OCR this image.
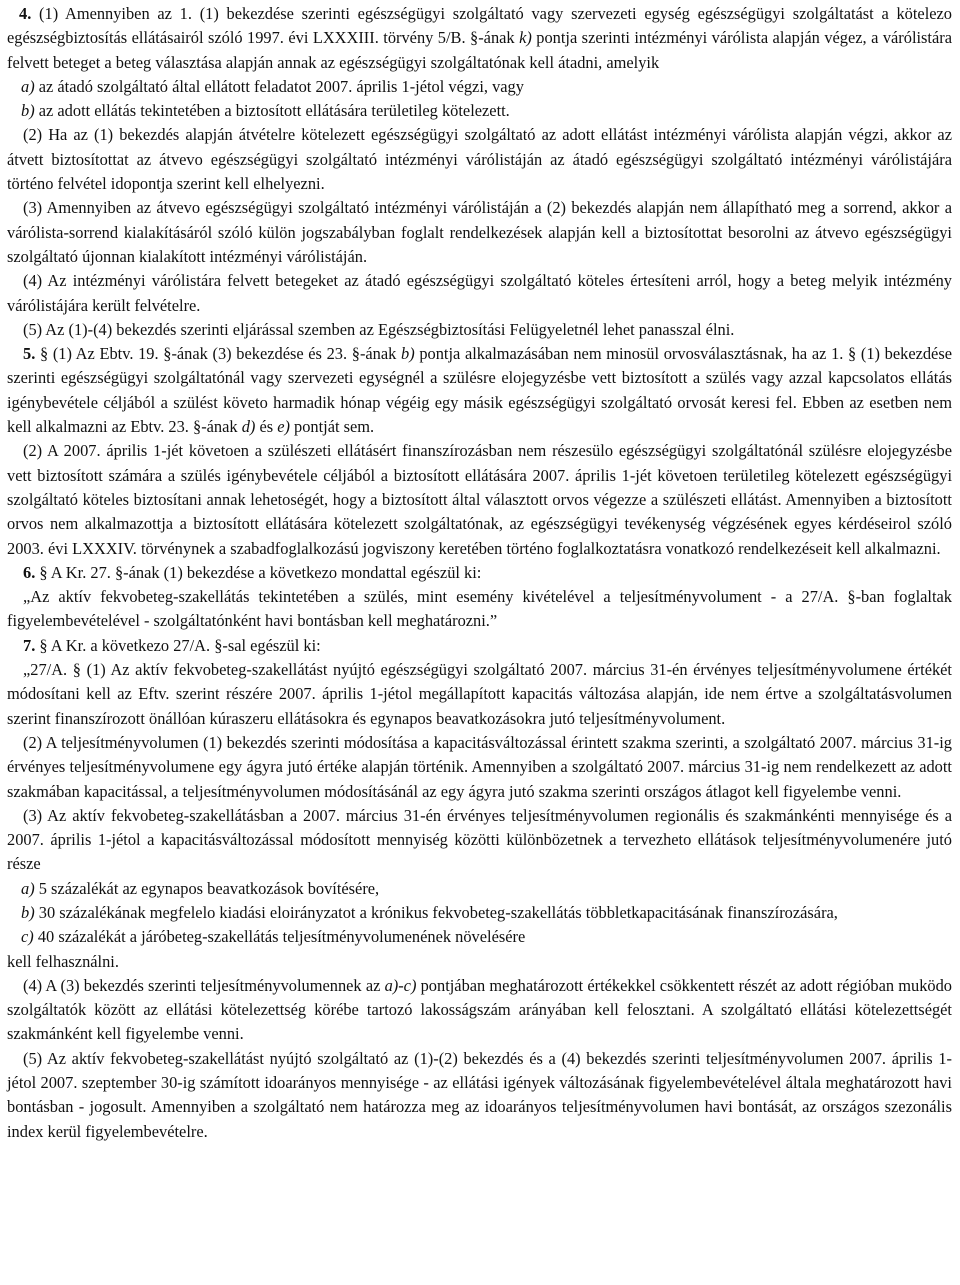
4. (1) Amennyiben az 1. (1) bekezdése szerinti egészségügyi szolgáltató vagy szervezeti egység egészségügyi szolgáltatást a kötelezo egészségbiztosítás ellátásairól szóló 1997. évi LXXXIII. törvény 5/B. §-ának k) pontja szerinti intézményi várólista alapján végez, a várólistára felvett beteget a beteg választása alapján annak az egészségügyi szolgáltatónak kell átadni, amelyik

a) az átadó szolgáltató által ellátott feladatot 2007. április 1-jétol végzi, vagy

b) az adott ellátás tekintetében a biztosított ellátására területileg kötelezett.

(2) Ha az (1) bekezdés alapján átvételre kötelezett egészségügyi szolgáltató az adott ellátást intézményi várólista alapján végzi, akkor az átvett biztosítottat az átvevo egészségügyi szolgáltató intézményi várólistáján az átadó egészségügyi szolgáltató intézményi várólistájára történo felvétel idopontja szerint kell elhelyezni.

(3) Amennyiben az átvevo egészségügyi szolgáltató intézményi várólistáján a (2) bekezdés alapján nem állapítható meg a sorrend, akkor a várólista-sorrend kialakításáról szóló külön jogszabályban foglalt rendelkezések alapján kell a biztosítottat besorolni az átvevo egészségügyi szolgáltató újonnan kialakított intézményi várólistáján.

(4) Az intézményi várólistára felvett betegeket az átadó egészségügyi szolgáltató köteles értesíteni arról, hogy a beteg melyik intézmény várólistájára került felvételre.

(5) Az (1)-(4) bekezdés szerinti eljárással szemben az Egészségbiztosítási Felügyeletnél lehet panasszal élni.

5. § (1) Az Ebtv. 19. §-ának (3) bekezdése és 23. §-ának b) pontja alkalmazásában nem minosül orvosválasztásnak, ha az 1. § (1) bekezdése szerinti egészségügyi szolgáltatónál vagy szervezeti egységnél a szülésre elojegyzésbe vett biztosított a szülés vagy azzal kapcsolatos ellátás igénybevétele céljából a szülést követo harmadik hónap végéig egy másik egészségügyi szolgáltató orvosát keresi fel. Ebben az esetben nem kell alkalmazni az Ebtv. 23. §-ának d) és e) pontját sem.

(2) A 2007. április 1-jét követoen a szülészeti ellátásért finanszírozásban nem részesülo egészségügyi szolgáltatónál szülésre elojegyzésbe vett biztosított számára a szülés igénybevétele céljából a biztosított ellátására 2007. április 1-jét követoen területileg kötelezett egészségügyi szolgáltató köteles biztosítani annak lehetoségét, hogy a biztosított által választott orvos végezze a szülészeti ellátást. Amennyiben a biztosított orvos nem alkalmazottja a biztosított ellátására kötelezett szolgáltatónak, az egészségügyi tevékenység végzésének egyes kérdéseirol szóló 2003. évi LXXXIV. törvénynek a szabadfoglalkozású jogviszony keretében történo foglalkoztatásra vonatkozó rendelkezéseit kell alkalmazni.

6. § A Kr. 27. §-ának (1) bekezdése a következo mondattal egészül ki:

„Az aktív fekvobeteg-szakellátás tekintetében a szülés, mint esemény kivételével a teljesítményvolument - a 27/A. §-ban foglaltak figyelembevételével - szolgáltatónként havi bontásban kell meghatározni.”

7. § A Kr. a következo 27/A. §-sal egészül ki:

„27/A. § (1) Az aktív fekvobeteg-szakellátást nyújtó egészségügyi szolgáltató 2007. március 31-én érvényes teljesítményvolumene értékét módosítani kell az Eftv. szerint részére 2007. április 1-jétol megállapított kapacitás változása alapján, ide nem értve a szolgáltatásvolumen szerint finanszírozott önállóan kúraszeru ellátásokra és egynapos beavatkozásokra jutó teljesítményvolument.

(2) A teljesítményvolumen (1) bekezdés szerinti módosítása a kapacitásváltozással érintett szakma szerinti, a szolgáltató 2007. március 31-ig érvényes teljesítményvolumene egy ágyra jutó értéke alapján történik. Amennyiben a szolgáltató 2007. március 31-ig nem rendelkezett az adott szakmában kapacitással, a teljesítményvolumen módosításánál az egy ágyra jutó szakma szerinti országos átlagot kell figyelembe venni.

(3) Az aktív fekvobeteg-szakellátásban a 2007. március 31-én érvényes teljesítményvolumen regionális és szakmánkénti mennyisége és a 2007. április 1-jétol a kapacitásváltozással módosított mennyiség közötti különbözetnek a tervezheto ellátások teljesítményvolumenére jutó része

a) 5 százalékát az egynapos beavatkozások bovítésére,

b) 30 százalékának megfelelo kiadási eloirányzatot a krónikus fekvobeteg-szakellátás többletkapacitásának finanszírozására,

c) 40 százalékát a járóbeteg-szakellátás teljesítményvolumenének növelésére

kell felhasználni.

(4) A (3) bekezdés szerinti teljesítményvolumennek az a)-c) pontjában meghatározott értékekkel csökkentett részét az adott régióban muködo szolgáltatók között az ellátási kötelezettség körébe tartozó lakosságszám arányában kell felosztani. A szolgáltató ellátási kötelezettségét szakmánként kell figyelembe venni.

(5) Az aktív fekvobeteg-szakellátást nyújtó szolgáltató az (1)-(2) bekezdés és a (4) bekezdés szerinti teljesítményvolumen 2007. április 1-jétol 2007. szeptember 30-ig számított idoarányos mennyisége - az ellátási igények változásának figyelembevételével általa meghatározott havi bontásban - jogosult. Amennyiben a szolgáltató nem határozza meg az idoarányos teljesítményvolumen havi bontását, az országos szezonális index kerül figyelembevételre.
